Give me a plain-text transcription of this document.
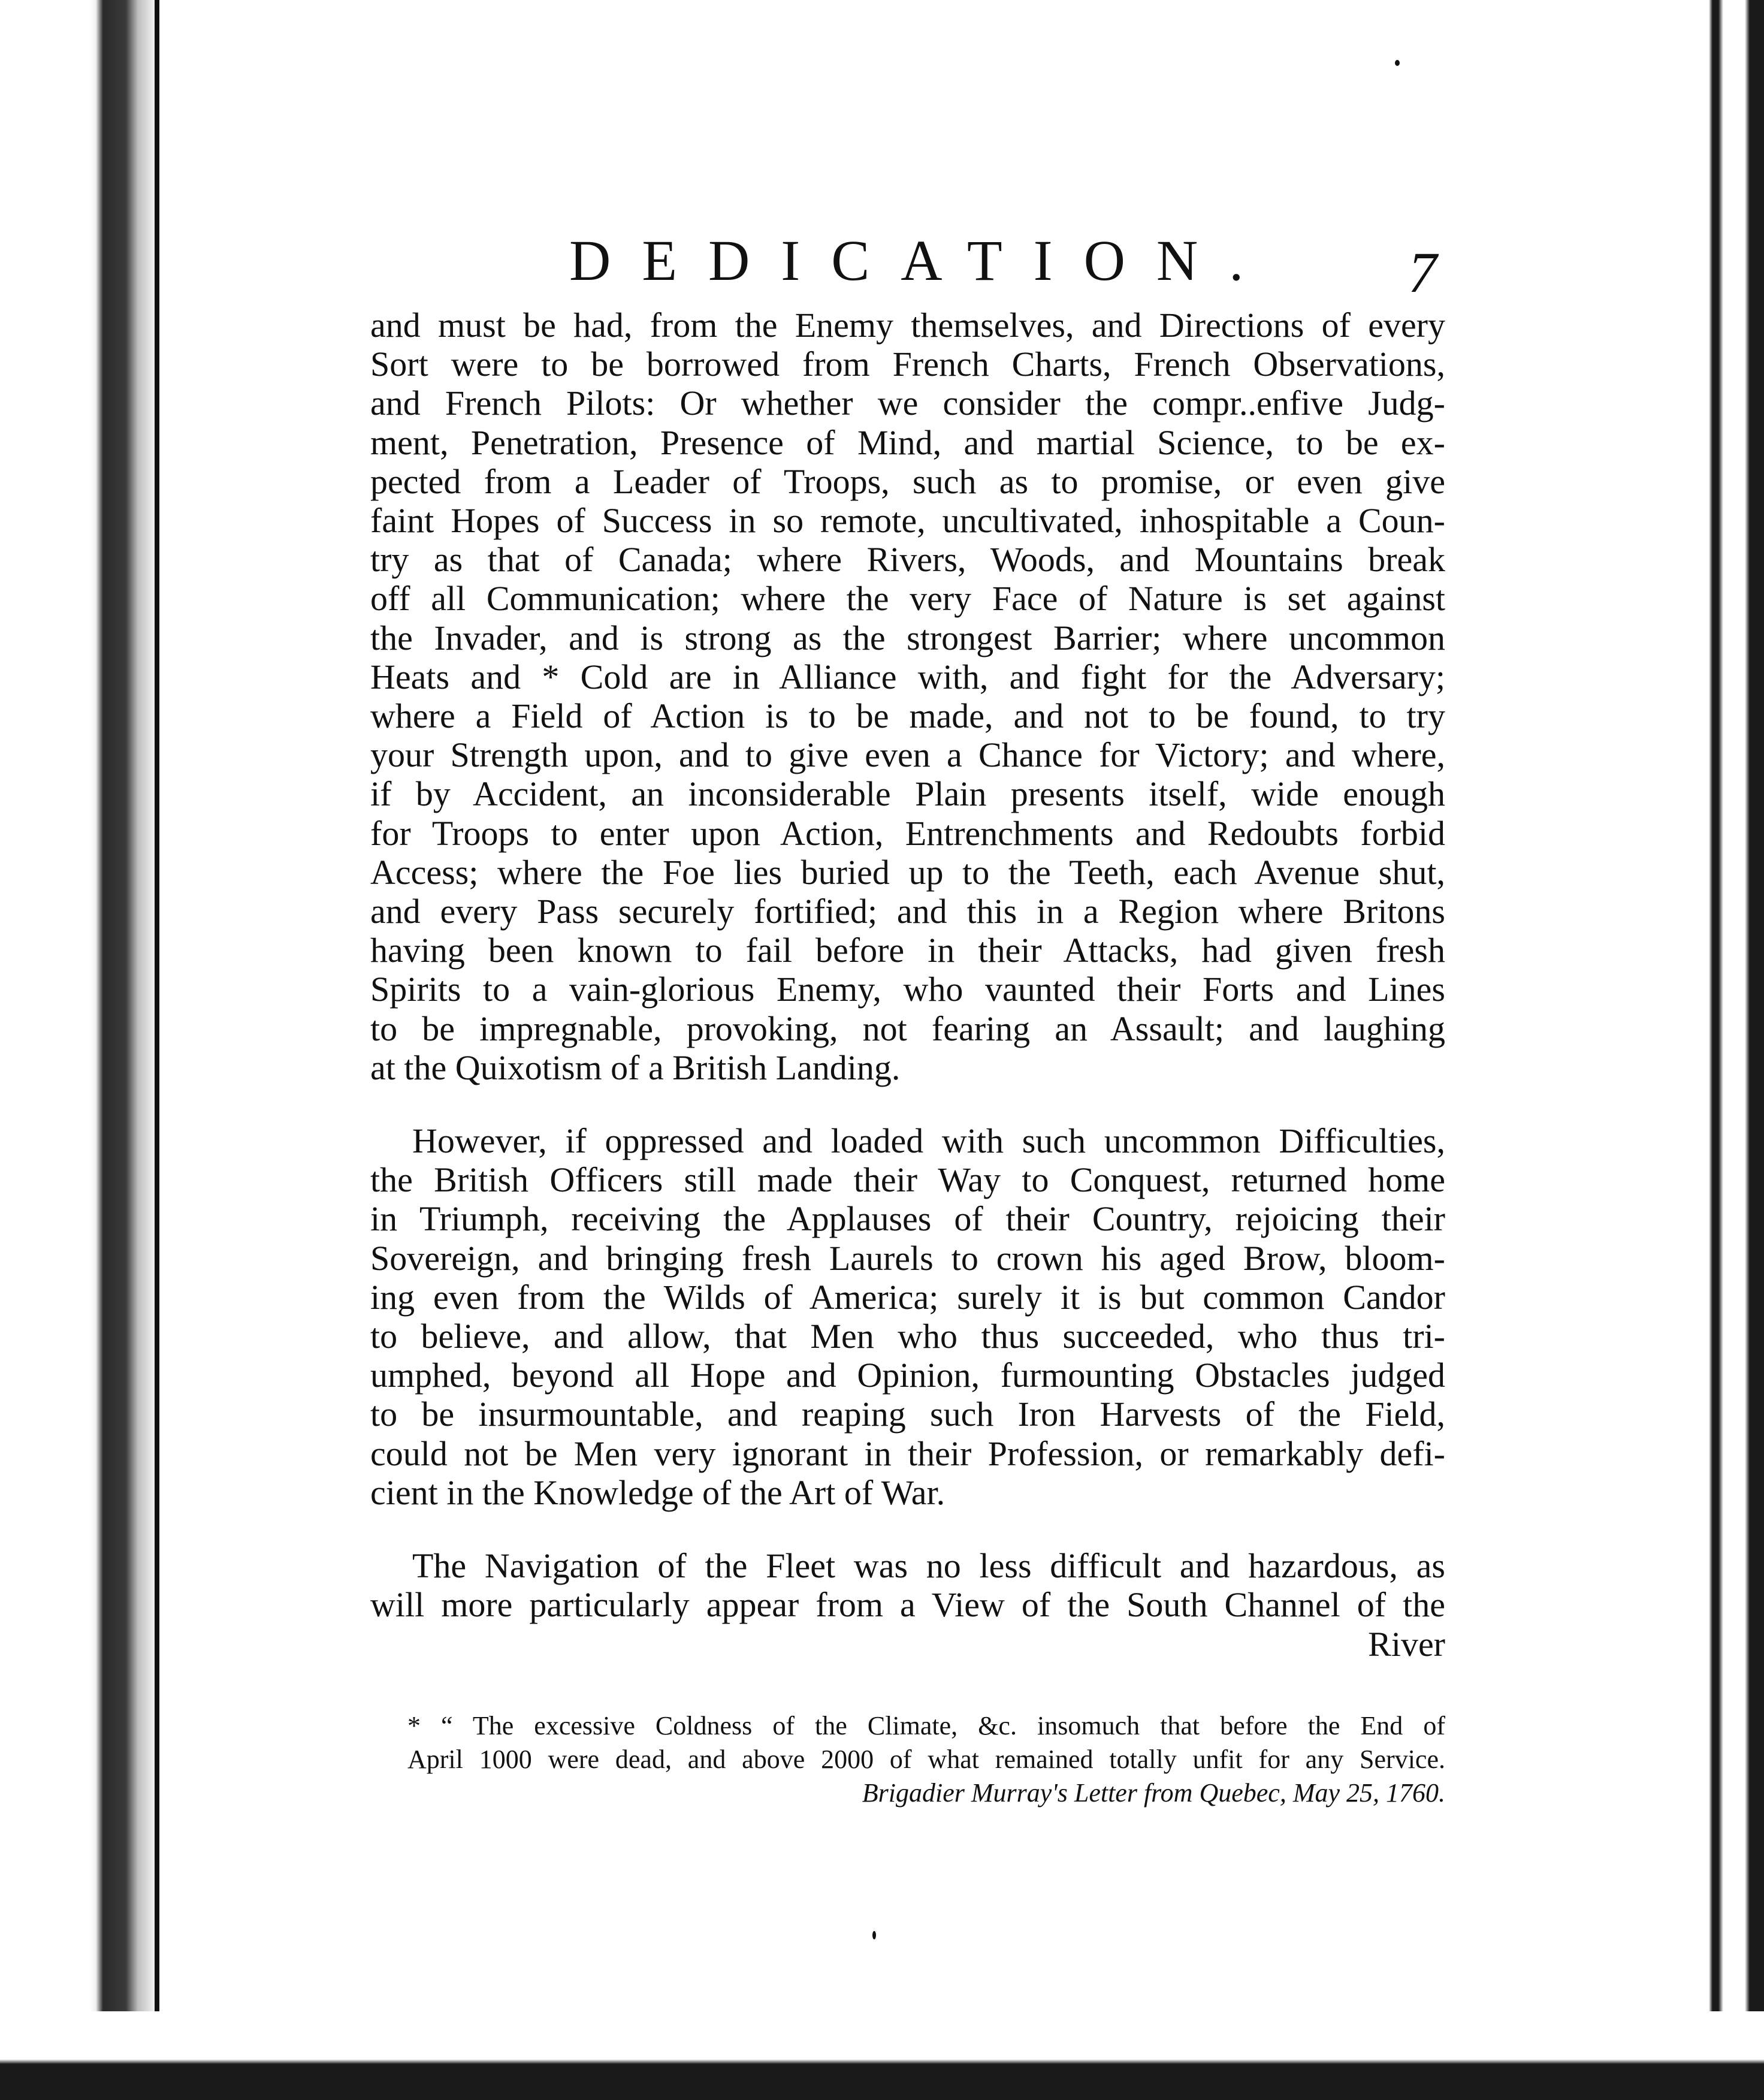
DEDICATION.	7
and must be had, from the Enemy themselves, and Directions of every
Sort were to be borrowed from French Charts, French Observations,
and French Pilots: Or whether we consider the compr..enfive Judg-
ment, Penetration, Presence of Mind, and martial Science, to be ex-
pected from a Leader of Troops, such as to promise, or even give
faint Hopes of Success in so remote, uncultivated, inhospitable a Coun-
try as that of Canada; where Rivers, Woods, and Mountains break
off all Communication; where the very Face of Nature is set against
the Invader, and is strong as the strongest Barrier; where uncommon
Heats and * Cold are in Alliance with, and fight for the Adversary;
where a Field of Action is to be made, and not to be found, to try
your Strength upon, and to give even a Chance for Victory; and where,
if by Accident, an inconsiderable Plain presents itself, wide enough
for Troops to enter upon Action, Entrenchments and Redoubts forbid
Access; where the Foe lies buried up to the Teeth, each Avenue shut,
and every Pass securely fortified; and this in a Region where Britons
having been known to fail before in their Attacks, had given fresh
Spirits to a vain-glorious Enemy, who vaunted their Forts and Lines
to be impregnable, provoking, not fearing an Assault; and laughing
at the Quixotism of a British Landing.
However, if oppressed and loaded with such uncommon Difficulties,
the British Officers still made their Way to Conquest, returned home
in Triumph, receiving the Applauses of their Country, rejoicing their
Sovereign, and bringing fresh Laurels to crown his aged Brow, bloom-
ing even from the Wilds of America; surely it is but common Candor
to believe, and allow, that Men who thus succeeded, who thus tri-
umphed, beyond all Hope and Opinion, furmounting Obstacles judged
to be insurmountable, and reaping such Iron Harvests of the Field,
could not be Men very ignorant in their Profession, or remarkably defi-
cient in the Knowledge of the Art of War.
The Navigation of the Fleet was no less difficult and hazardous, as
will more particularly appear from a View of the South Channel of the
River
* “ The excessive Coldness of the Climate, &c. insomuch that before the End of
April 1000 were dead, and above 2000 of what remained totally unfit for any Service.
Brigadier Murray's Letter from Quebec, May 25, 1760.
